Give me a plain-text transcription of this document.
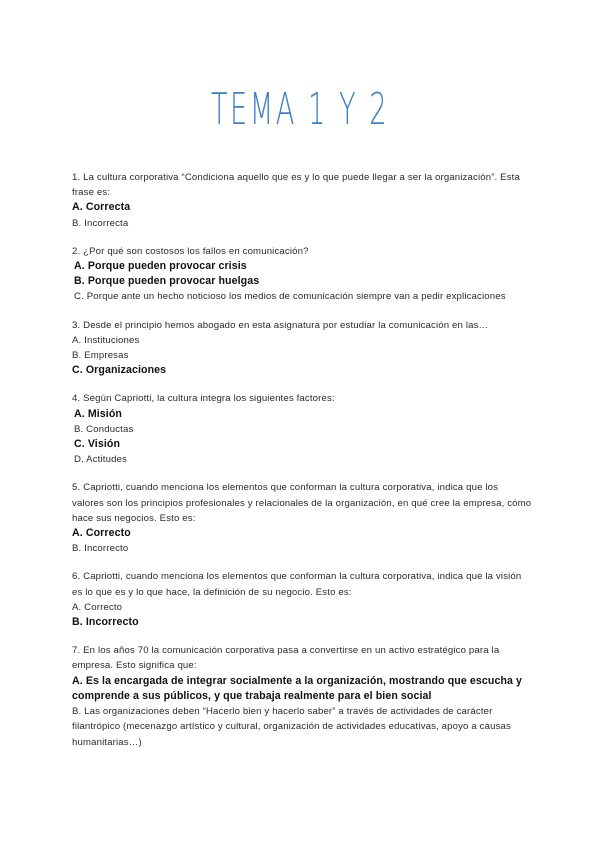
TEMA 1 Y 2
1. La cultura corporativa “Condiciona aquello que es y lo que puede llegar a ser la organización”. Esta frase es:
A. Correcta
B. Incorrecta
2. ¿Por qué son costosos los fallos en comunicación?
A. Porque pueden provocar crisis
B. Porque pueden provocar huelgas
C. Porque ante un hecho noticioso los medios de comunicación siempre van a pedir explicaciones
3. Desde el principio hemos abogado en esta asignatura por estudiar la comunicación en las…
A. Instituciones
B. Empresas
C. Organizaciones
4. Según Capriotti, la cultura integra los siguientes factores:
A. Misión
B. Conductas
C. Visión
D. Actitudes
5. Capriotti, cuando menciona los elementos que conforman la cultura corporativa, indica que los valores son los principios profesionales y relacionales de la organización, en qué cree la empresa, cómo hace sus negocios. Esto es:
A. Correcto
B. Incorrecto
6. Capriotti, cuando menciona los elementos que conforman la cultura corporativa, indica que la visión es lo que es y lo que hace, la definición de su negocio. Esto es:
A. Correcto
B. Incorrecto
7. En los años 70 la comunicación corporativa pasa a convertirse en un activo estratégico para la empresa. Esto significa que:
A. Es la encargada de integrar socialmente a la organización, mostrando que escucha y comprende a sus públicos, y que trabaja realmente para el bien social
B. Las organizaciones deben “Hacerlo bien y hacerlo saber” a través de actividades de carácter filantrópico (mecenazgo artístico y cultural, organización de actividades educativas, apoyo a causas humanitarias…)
